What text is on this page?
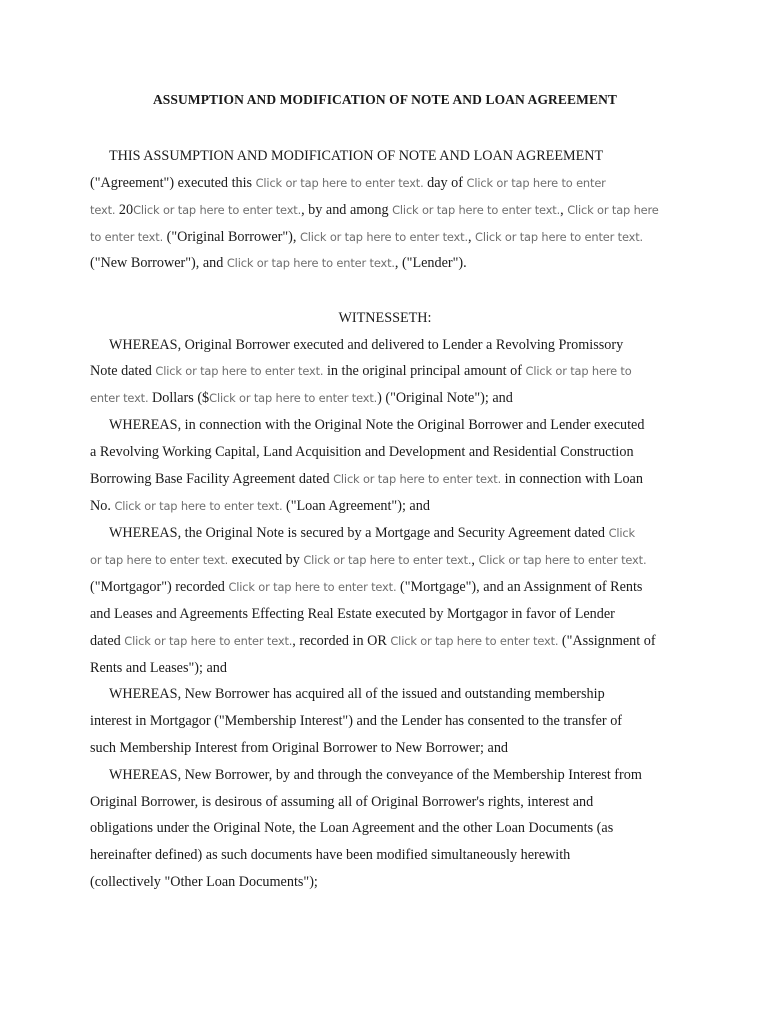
ASSUMPTION AND MODIFICATION OF NOTE AND LOAN AGREEMENT
THIS ASSUMPTION AND MODIFICATION OF NOTE AND LOAN AGREEMENT
("Agreement") executed this Click or tap here to enter text. day of Click or tap here to enter
text. 20Click or tap here to enter text., by and among Click or tap here to enter text., Click or tap here
to enter text. ("Original Borrower"), Click or tap here to enter text., Click or tap here to enter text.
("New Borrower"), and Click or tap here to enter text., ("Lender").
WITNESSETH:
WHEREAS, Original Borrower executed and delivered to Lender a Revolving Promissory
Note dated Click or tap here to enter text. in the original principal amount of Click or tap here to
enter text. Dollars ($Click or tap here to enter text.) ("Original Note"); and
WHEREAS, in connection with the Original Note the Original Borrower and Lender executed
a Revolving Working Capital, Land Acquisition and Development and Residential Construction
Borrowing Base Facility Agreement dated Click or tap here to enter text. in connection with Loan
No. Click or tap here to enter text. ("Loan Agreement"); and
WHEREAS, the Original Note is secured by a Mortgage and Security Agreement dated Click
or tap here to enter text. executed by Click or tap here to enter text., Click or tap here to enter text.
("Mortgagor") recorded Click or tap here to enter text. ("Mortgage"), and an Assignment of Rents
and Leases and Agreements Effecting Real Estate executed by Mortgagor in favor of Lender
dated Click or tap here to enter text., recorded in OR Click or tap here to enter text. ("Assignment of
Rents and Leases"); and
WHEREAS, New Borrower has acquired all of the issued and outstanding membership
interest in Mortgagor ("Membership Interest") and the Lender has consented to the transfer of
such Membership Interest from Original Borrower to New Borrower; and
WHEREAS, New Borrower, by and through the conveyance of the Membership Interest from
Original Borrower, is desirous of assuming all of Original Borrower's rights, interest and
obligations under the Original Note, the Loan Agreement and the other Loan Documents (as
hereinafter defined) as such documents have been modified simultaneously herewith
(collectively "Other Loan Documents");
